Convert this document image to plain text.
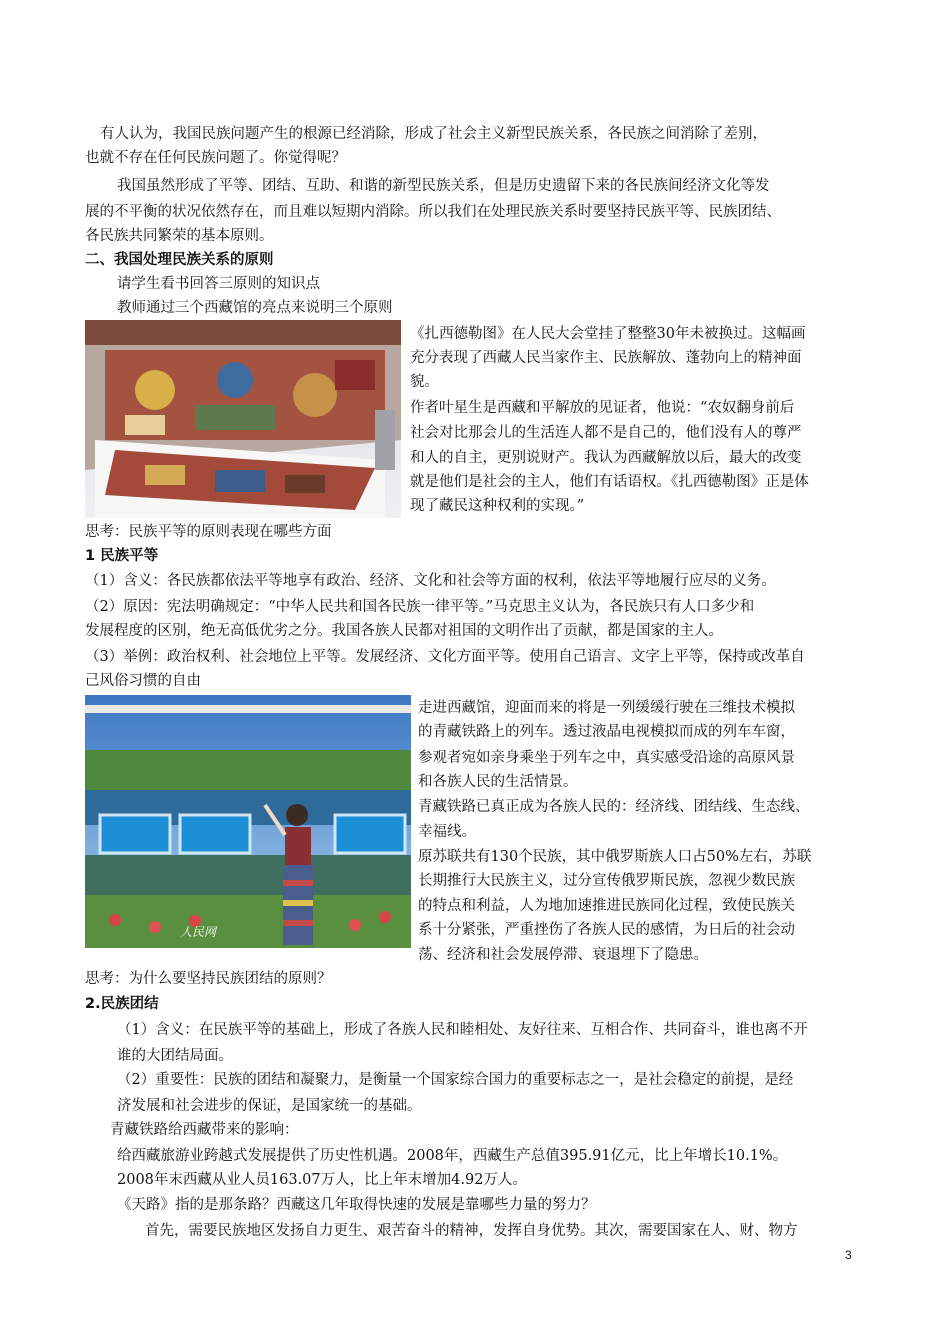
有人认为，我国民族问题产生的根源已经消除，形成了社会主义新型民族关系，各民族之间消除了差别，
也就不存在任何民族问题了。你觉得呢？
我国虽然形成了平等、团结、互助、和谐的新型民族关系，但是历史遗留下来的各民族间经济文化等发
展的不平衡的状况依然存在，而且难以短期内消除。所以我们在处理民族关系时要坚持民族平等、民族团结、
各民族共同繁荣的基本原则。
二、我国处理民族关系的原则
请学生看书回答三原则的知识点
教师通过三个西藏馆的亮点来说明三个原则
《扎西德勒图》在人民大会堂挂了整整30年未被换过。这幅画
充分表现了西藏人民当家作主、民族解放、蓬勃向上的精神面
貌。
作者叶星生是西藏和平解放的见证者，他说：“农奴翻身前后
社会对比那会儿的生活连人都不是自己的，他们没有人的尊严
和人的自主，更别说财产。我认为西藏解放以后，最大的改变
就是他们是社会的主人，他们有话语权。《扎西德勒图》正是体
现了藏民这种权利的实现。”
思考：民族平等的原则表现在哪些方面
1 民族平等
（1）含义：各民族都依法平等地享有政治、经济、文化和社会等方面的权利，依法平等地履行应尽的义务。
（2）原因：宪法明确规定：“中华人民共和国各民族一律平等。”马克思主义认为，各民族只有人口多少和
发展程度的区别，绝无高低优劣之分。我国各族人民都对祖国的文明作出了贡献，都是国家的主人。
（3）举例：政治权利、社会地位上平等。发展经济、文化方面平等。使用自己语言、文字上平等，保持或改革自
己风俗习惯的自由
人民网
走进西藏馆，迎面而来的将是一列缓缓行驶在三维技术模拟
的青藏铁路上的列车。透过液晶电视模拟而成的列车车窗，
参观者宛如亲身乘坐于列车之中，真实感受沿途的高原风景
和各族人民的生活情景。
青藏铁路已真正成为各族人民的：经济线、团结线、生态线、
幸福线。
原苏联共有130个民族，其中俄罗斯族人口占50%左右，苏联
长期推行大民族主义，过分宣传俄罗斯民族，忽视少数民族
的特点和利益，人为地加速推进民族同化过程，致使民族关
系十分紧张，严重挫伤了各族人民的感情，为日后的社会动
荡、经济和社会发展停滞、衰退埋下了隐患。
思考：为什么要坚持民族团结的原则？
2.民族团结
（1）含义：在民族平等的基础上，形成了各族人民和睦相处、友好往来、互相合作、共同奋斗，谁也离不开
谁的大团结局面。
（2）重要性：民族的团结和凝聚力，是衡量一个国家综合国力的重要标志之一，是社会稳定的前提，是经
济发展和社会进步的保证，是国家统一的基础。
青藏铁路给西藏带来的影响：
给西藏旅游业跨越式发展提供了历史性机遇。2008年，西藏生产总值395.91亿元，比上年增长10.1%。
2008年末西藏从业人员163.07万人，比上年末增加4.92万人。
《天路》指的是那条路？西藏这几年取得快速的发展是靠哪些力量的努力？
首先，需要民族地区发扬自力更生、艰苦奋斗的精神，发挥自身优势。其次，需要国家在人、财、物方
3
